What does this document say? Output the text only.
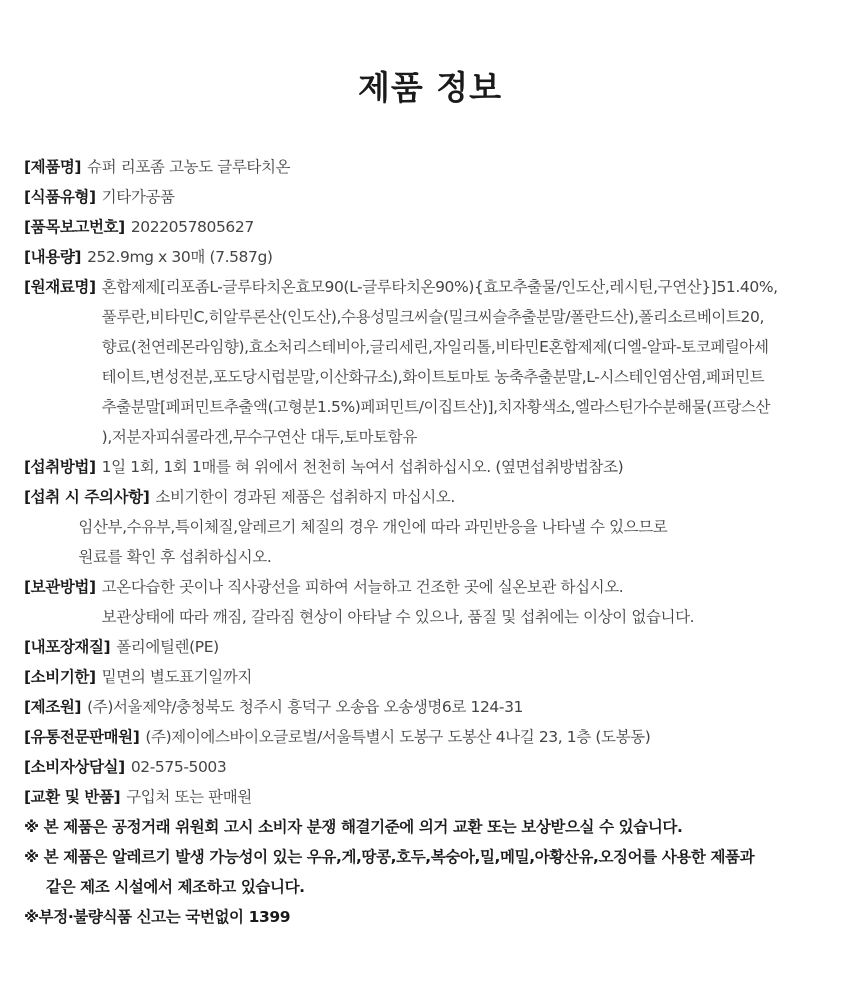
제품 정보
[제품명] 슈퍼 리포좀 고농도 글루타치온
[식품유형] 기타가공품
[품목보고번호] 2022057805627
[내용량] 252.9mg x 30매 (7.587g)
[원재료명] 혼합제제[리포좀L-글루타치온효모90(L-글루타치온90%){효모추출물/인도산,레시틴,구연산}]51.40%,
풀루란,비타민C,히알루론산(인도산),수용성밀크씨슬(밀크씨슬추출분말/폴란드산),폴리소르베이트20,
향료(천연레몬라임향),효소처리스테비아,글리세린,자일리톨,비타민E혼합제제(디엘-알파-토코페릴아세
테이트,변성전분,포도당시럽분말,이산화규소),화이트토마토 농축추출분말,L-시스테인염산염,페퍼민트
추출분말[페퍼민트추출액(고형분1.5%)페퍼민트/이집트산)],치자황색소,엘라스틴가수분해물(프랑스산
),저분자피쉬콜라겐,무수구연산 대두,토마토함유
[섭취방법] 1일 1회, 1회 1매를 혀 위에서 천천히 녹여서 섭취하십시오. (옆면섭취방법참조)
[섭취 시 주의사항] 소비기한이 경과된 제품은 섭취하지 마십시오.
임산부,수유부,특이체질,알레르기 체질의 경우 개인에 따라 과민반응을 나타낼 수 있으므로
원료를 확인 후 섭취하십시오.
[보관방법] 고온다습한 곳이나 직사광선을 피하여 서늘하고 건조한 곳에 실온보관 하십시오.
보관상태에 따라 깨짐, 갈라짐 현상이 아타날 수 있으나, 품질 및 섭취에는 이상이 없습니다.
[내포장재질] 폴리에틸렌(PE)
[소비기한] 밑면의 별도표기일까지
[제조원] (주)서울제약/충청북도 청주시 흥덕구 오송읍 오송생명6로 124-31
[유통전문판매원] (주)제이에스바이오글로벌/서울특별시 도봉구 도봉산 4나길 23, 1층 (도봉동)
[소비자상담실] 02-575-5003
[교환 및 반품] 구입처 또는 판매원
※ 본 제품은 공정거래 위원회 고시 소비자 분쟁 해결기준에 의거 교환 또는 보상받으실 수 있습니다.
※ 본 제품은 알레르기 발생 가능성이 있는 우유,게,땅콩,호두,복숭아,밀,메밀,아황산유,오징어를 사용한 제품과
같은 제조 시설에서 제조하고 있습니다.
※부정·불량식품 신고는 국번없이 1399
